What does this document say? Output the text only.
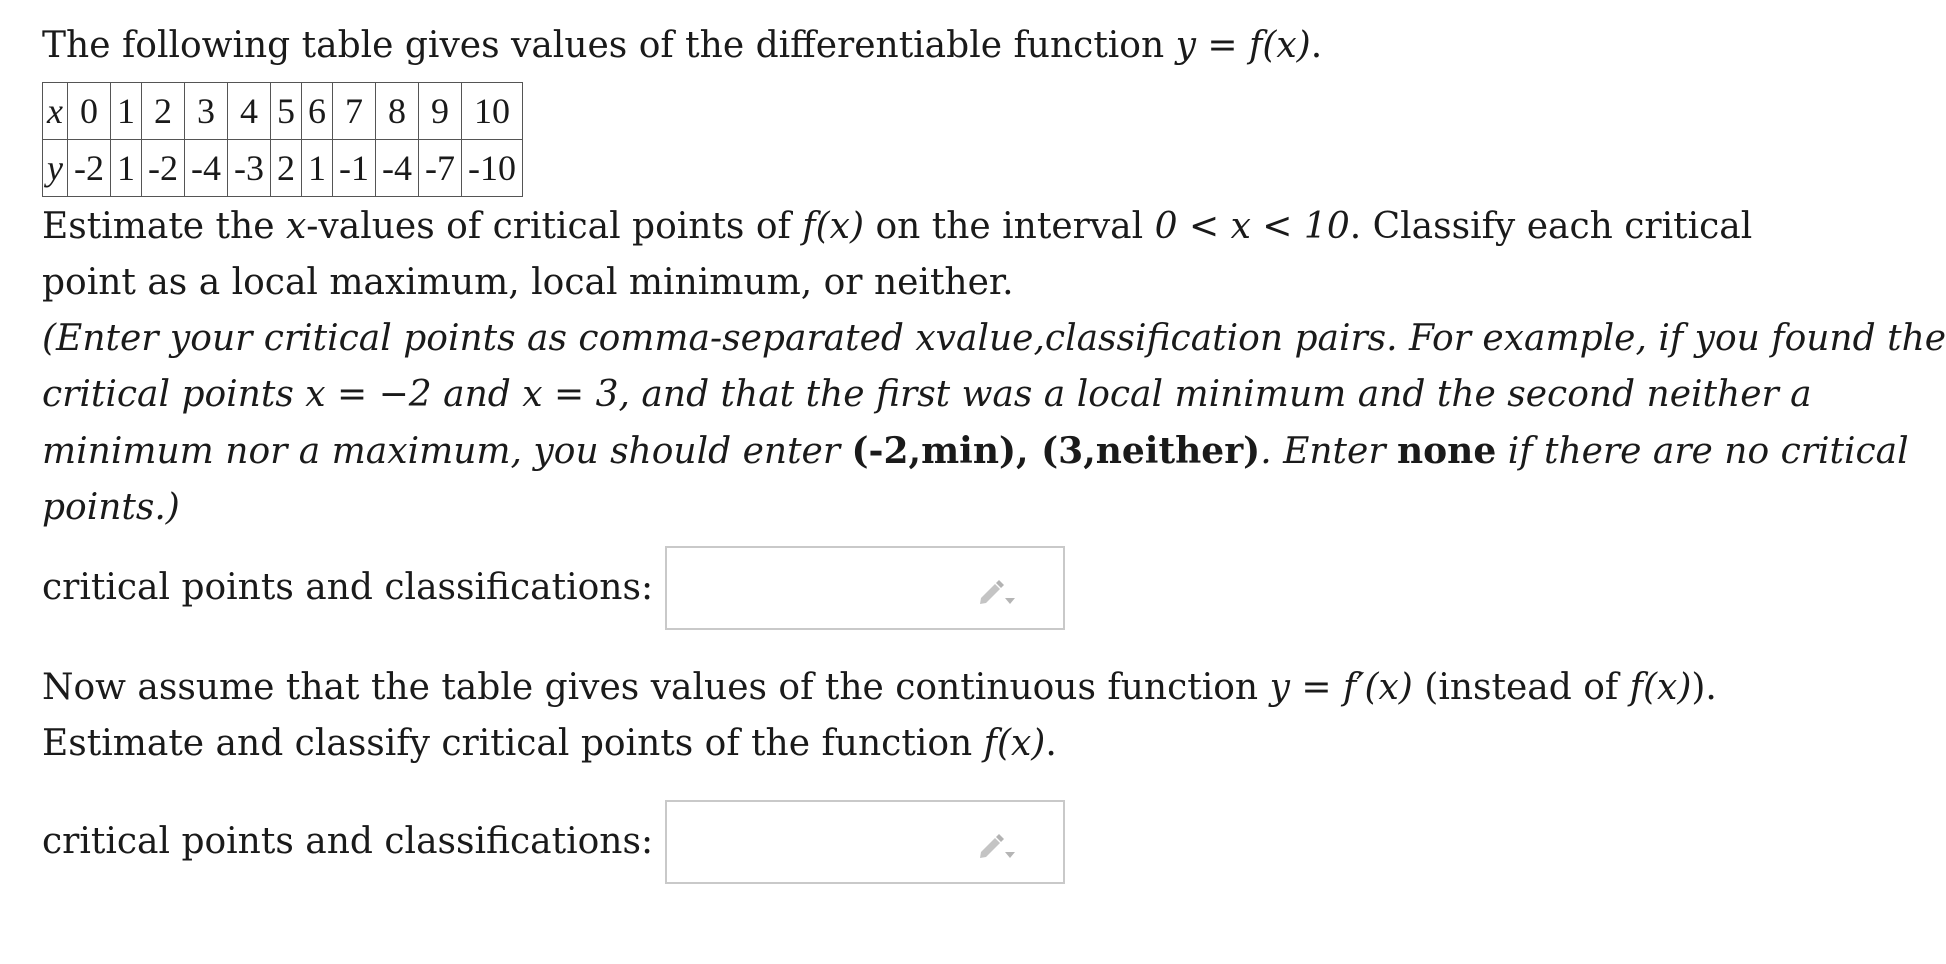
The following table gives values of the differentiable function y = f(x).
x	0	1	2	3	4	5	6	7	8	9	10
y	-2	1	-2	-4	-3	2	1	-1	-4	-7	-10
Estimate the x-values of critical points of f(x) on the interval 0 < x < 10. Classify each critical
point as a local maximum, local minimum, or neither.
(Enter your critical points as comma-separated xvalue,classification pairs. For example, if you found the
critical points x = −2 and x = 3, and that the first was a local minimum and the second neither a
minimum nor a maximum, you should enter (-2,min), (3,neither). Enter none if there are no critical
points.)
critical points and classifications:
Now assume that the table gives values of the continuous function y = f′(x) (instead of f(x)).
Estimate and classify critical points of the function f(x).
critical points and classifications:
